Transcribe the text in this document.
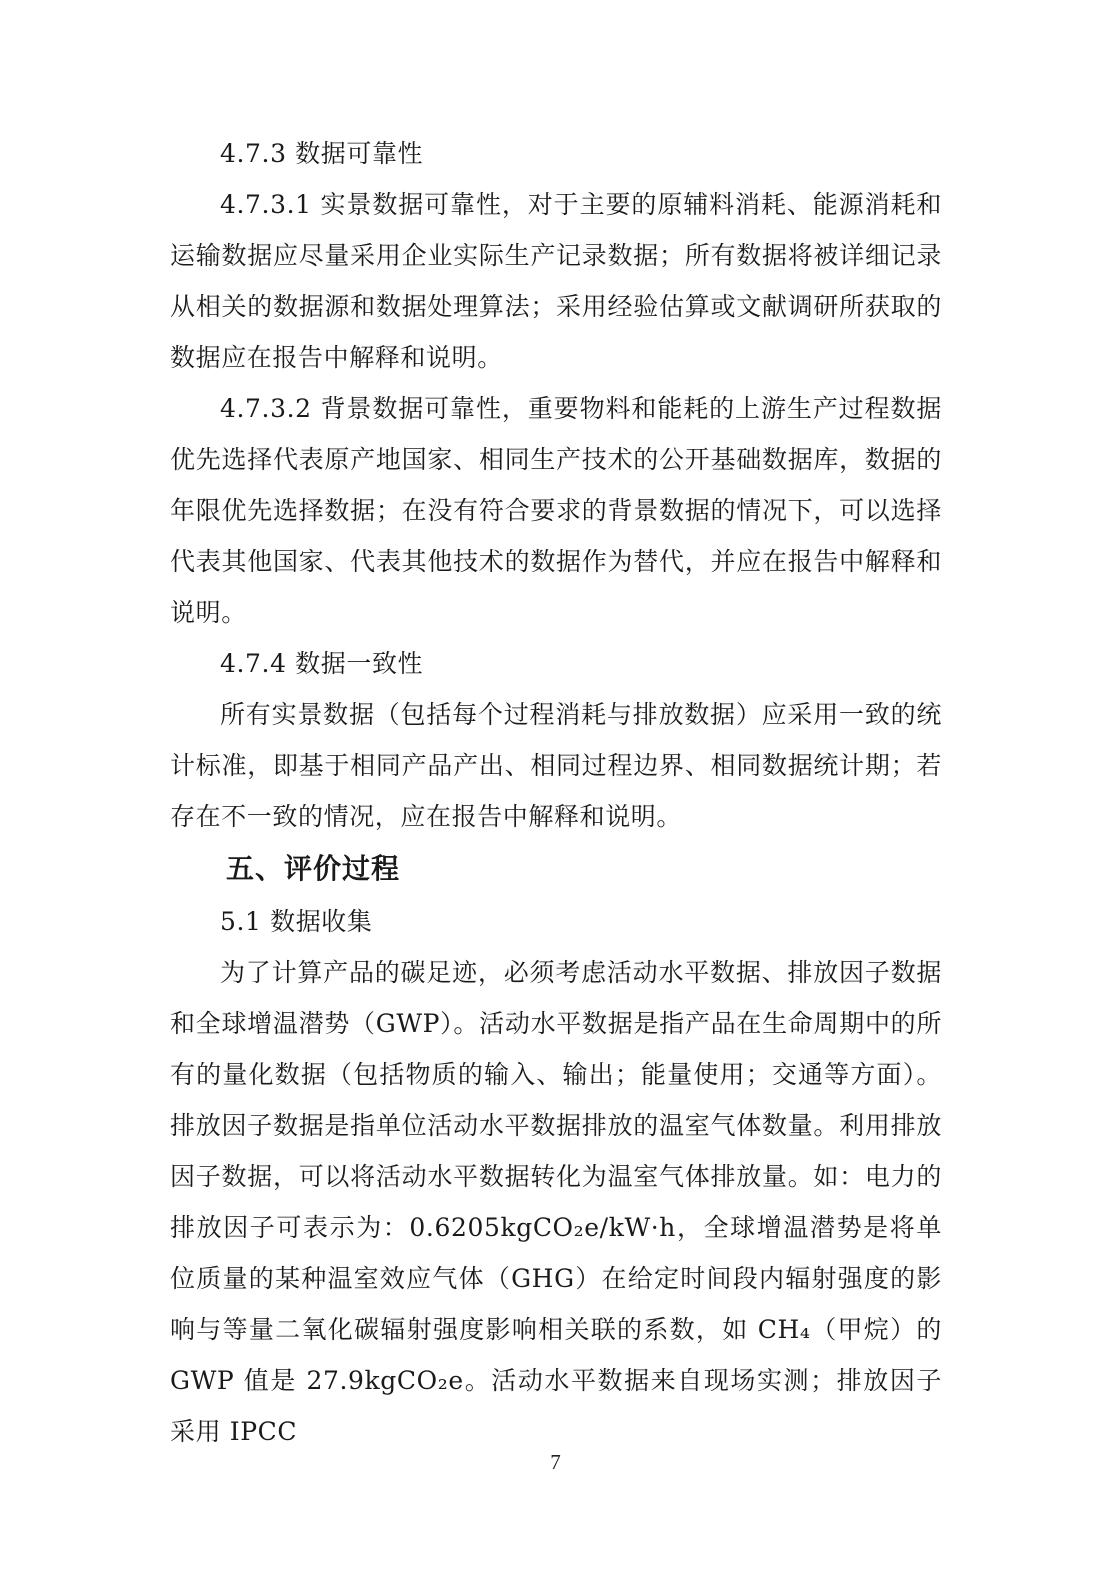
4.7.3 数据可靠性

4.7.3.1 实景数据可靠性，对于主要的原辅料消耗、能源消耗和运输数据应尽量采用企业实际生产记录数据；所有数据将被详细记录从相关的数据源和数据处理算法；采用经验估算或文献调研所获取的数据应在报告中解释和说明。

4.7.3.2 背景数据可靠性，重要物料和能耗的上游生产过程数据优先选择代表原产地国家、相同生产技术的公开基础数据库，数据的年限优先选择数据；在没有符合要求的背景数据的情况下，可以选择代表其他国家、代表其他技术的数据作为替代，并应在报告中解释和说明。

4.7.4 数据一致性

所有实景数据（包括每个过程消耗与排放数据）应采用一致的统计标准，即基于相同产品产出、相同过程边界、相同数据统计期；若存在不一致的情况，应在报告中解释和说明。

五、评价过程

5.1 数据收集

为了计算产品的碳足迹，必须考虑活动水平数据、排放因子数据和全球增温潜势（GWP）。活动水平数据是指产品在生命周期中的所有的量化数据（包括物质的输入、输出；能量使用；交通等方面）。排放因子数据是指单位活动水平数据排放的温室气体数量。利用排放因子数据，可以将活动水平数据转化为温室气体排放量。如：电力的排放因子可表示为：0.6205kgCO₂e/kW·h，全球增温潜势是将单位质量的某种温室效应气体（GHG）在给定时间段内辐射强度的影响与等量二氧化碳辐射强度影响相关联的系数，如 CH₄（甲烷）的 GWP 值是 27.9kgCO₂e。活动水平数据来自现场实测；排放因子采用 IPCC

7
